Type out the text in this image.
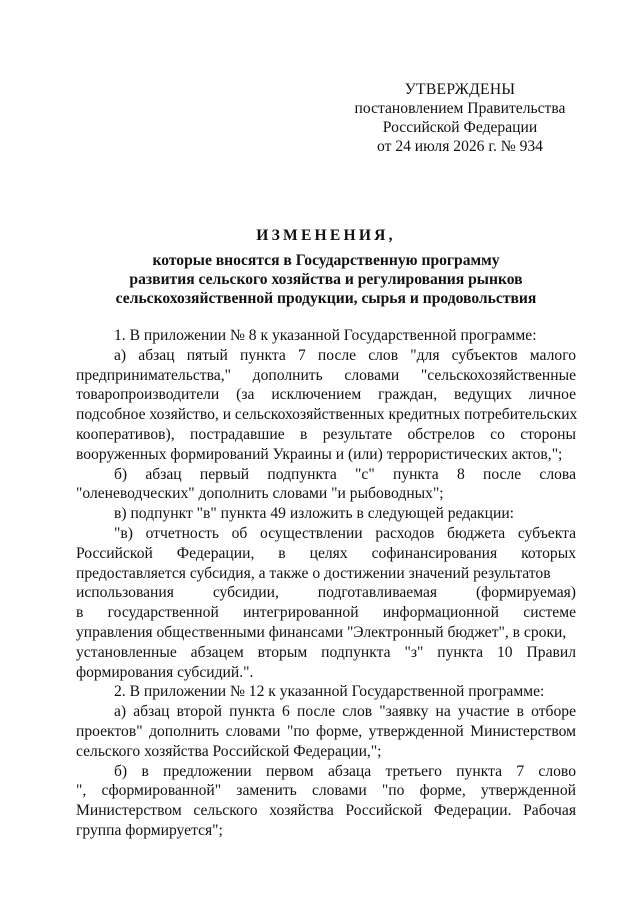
УТВЕРЖДЕНЫ
постановлением Правительства
Российской Федерации
от 24 июля 2026 г. № 934
ИЗМЕНЕНИЯ,
которые вносятся в Государственную программу
развития сельского хозяйства и регулирования рынков
сельскохозяйственной продукции, сырья и продовольствия
1. В приложении № 8 к указанной Государственной программе:
а) абзац пятый пункта 7 после слов "для субъектов малого
предпринимательства," дополнить словами "сельскохозяйственные
товаропроизводители (за исключением граждан, ведущих личное
подсобное хозяйство, и сельскохозяйственных кредитных потребительских
кооперативов), пострадавшие в результате обстрелов со стороны
вооруженных формирований Украины и (или) террористических актов,";
б) абзац первый подпункта "с" пункта 8 после слова
"оленеводческих" дополнить словами "и рыбоводных";
в) подпункт "в" пункта 49 изложить в следующей редакции:
"в) отчетность об осуществлении расходов бюджета субъекта
Российской Федерации, в целях софинансирования которых
предоставляется субсидия, а также о достижении значений результатов
использования субсидии, подготавливаемая (формируемая)
в государственной интегрированной информационной системе
управления общественными финансами "Электронный бюджет", в сроки,
установленные абзацем вторым подпункта "з" пункта 10 Правил
формирования субсидий.".
2. В приложении № 12 к указанной Государственной программе:
а) абзац второй пункта 6 после слов "заявку на участие в отборе
проектов" дополнить словами "по форме, утвержденной Министерством
сельского хозяйства Российской Федерации,";
б) в предложении первом абзаца третьего пункта 7 слово
", сформированной" заменить словами "по форме, утвержденной
Министерством сельского хозяйства Российской Федерации. Рабочая
группа формируется";
